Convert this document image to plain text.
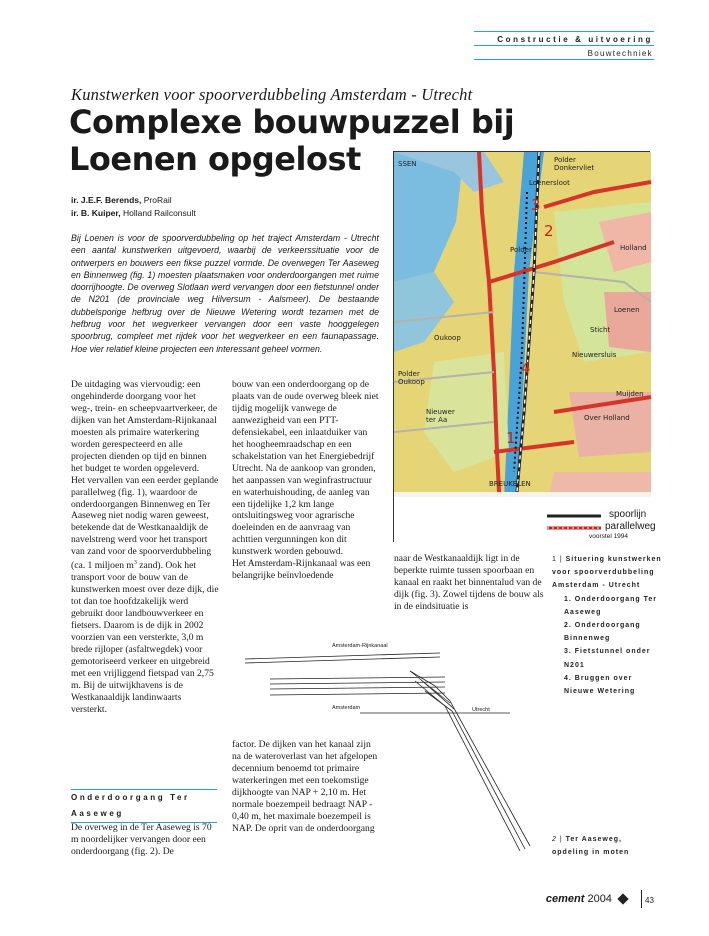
Constructie & uitvoering
Bouwtechniek
Kunstwerken voor spoorverdubbeling Amsterdam - Utrecht
Complexe bouwpuzzel bij
Loenen opgelost
ir. J.E.F. Berends, ProRail
ir. B. Kuiper, Holland Railconsult
Bij Loenen is voor de spoorverdubbeling op het traject Amsterdam - Utrecht een aantal kunstwerken uitgevoerd, waarbij de verkeerssituatie voor de ontwerpers en bouwers een fikse puzzel vormde. De overwegen Ter Aaseweg en Binnenweg (fig. 1) moesten plaatsmaken voor onderdoorgangen met ruime doorrijhoogte. De overweg Slotlaan werd vervangen door een fietstunnel onder de N201 (de provinciale weg Hilversum - Aalsmeer). De bestaande dubbelsporige hefbrug over de Nieuwe Wetering wordt tezamen met de hefbrug voor het wegverkeer vervangen door een vaste hooggelegen spoorbrug, compleet met rijdek voor het wegverkeer en een faunapassage. Hoe vier relatief kleine projecten een interessant geheel vormen.
SSEN	Polder
Donkervliet
Loenersloot
Polder	Holland
Loenen
Sticht
Nieuwersluis
Polder
Oukoop
Oukoop
Nieuwer
ter Aa
Muijden
Over Holland
BREUKELEN
3
2
4
1
spoorlijn
parallelweg
voorstel 1994

De uitdaging was viervoudig: een ongehinderde doorgang voor het weg-, trein- en scheepvaartverkeer, de dijken van het Amsterdam-Rijnkanaal moesten als primaire waterkering worden gerespecteerd en alle projecten dienden op tijd en binnen het budget te worden opgeleverd.

Het vervallen van een eerder geplande parallelweg (fig. 1), waardoor de onderdoorgangen Binnenweg en Ter Aaseweg niet nodig waren geweest, betekende dat de Westkanaaldijk de navelstreng werd voor het transport van zand voor de spoorverdubbeling (ca. 1 miljoen $m^3$ zand). Ook het transport voor de bouw van de kunstwerken moest over deze dijk, die tot dan toe hoofdzakelijk werd gebruikt door landbouwverkeer en fietsers. Daarom is de dijk in 2002 voorzien van een versterkte, 3,0 m brede rijloper (asfaltwegdek) voor gemotoriseerd verkeer en uitgebreid met een vrijliggend fietspad van 2,75 m. Bij de uitwijkhavens is de Westkanaaldijk landinwaarts versterkt.

Onderdoorgang Ter Aaseweg
De overweg in de Ter Aaseweg is 70 m noordelijker vervangen door een onderdoorgang (fig. 2). De

bouw van een onderdoorgang op de plaats van de oude overweg bleek niet tijdig mogelijk vanwege de aanwezigheid van een PTT-defensiekabel, een inlaatduiker van het hoogheemraadschap en een schakelstation van het Energiebedrijf Utrecht. Na de aankoop van gronden, het aanpassen van weginfrastructuur en waterhuishouding, de aanleg van een tijdelijke 1,2 km lange ontsluitingsweg voor agrarische doeleinden en de aanvraag van achttien vergunningen kon dit kunstwerk worden gebouwd.

Het Amsterdam-Rijnkanaal was een belangrijke beïnvloedende

factor. De dijken van het kanaal zijn na de wateroverlast van het afgelopen decennium benoemd tot primaire waterkeringen met een toekomstige dijkhoogte van NAP + 2,10 m. Het normale boezempeil bedraagt NAP - 0,40 m, het maximale boezempeil is NAP. De oprit van de onderdoorgang
naar de Westkanaaldijk ligt in de beperkte ruimte tussen spoorbaan en kanaal en raakt het binnentalud van de dijk (fig. 3). Zowel tijdens de bouw als in de eindsituatie is
1 | Situering kunstwerken voor spoorverdubbeling Amsterdam - Utrecht
1. Onderdoorgang Ter Aaseweg
2. Onderdoorgang Binnenweg
3. Fietstunnel onder N201
4. Bruggen over Nieuwe Wetering
Amsterdam-Rijnkanaal
Amsterdam	Utrecht
2 | Ter Aaseweg, opdeling in moten
cement 2004	43
